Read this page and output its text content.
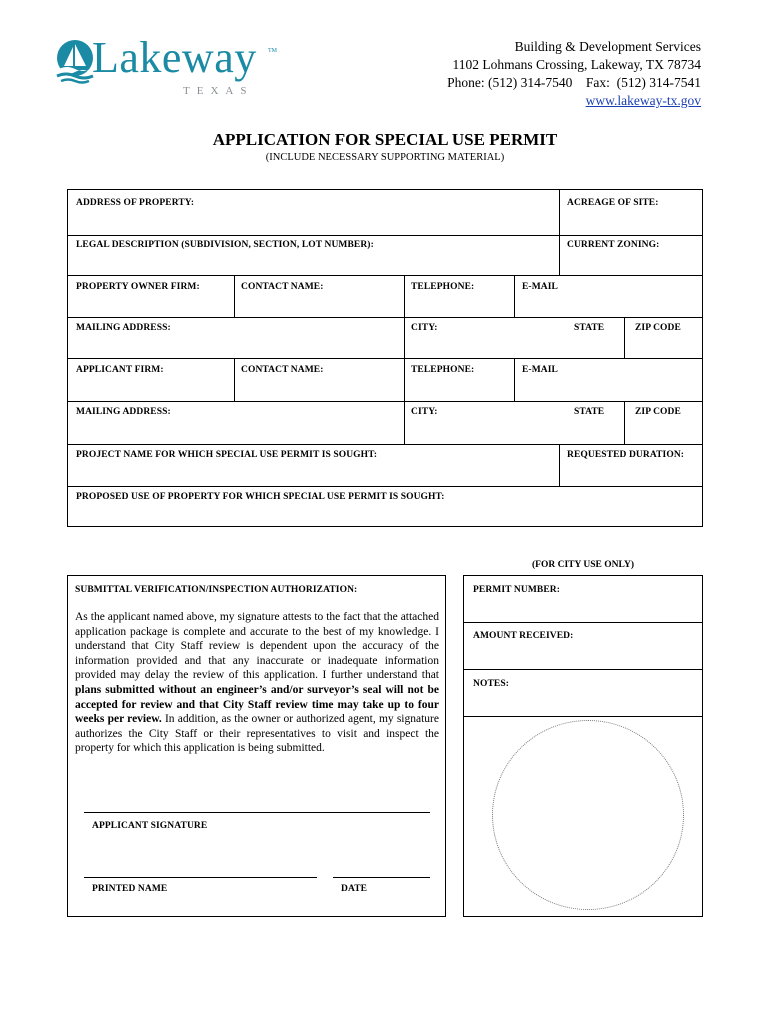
Lakeway TM
TEXAS
Building & Development Services
1102 Lohmans Crossing, Lakeway, TX 78734
Phone: (512) 314-7540    Fax:  (512) 314-7541
www.lakeway-tx.gov
APPLICATION FOR SPECIAL USE PERMIT
(INCLUDE NECESSARY SUPPORTING MATERIAL)
ADDRESS OF PROPERTY:	ACREAGE OF SITE:
LEGAL DESCRIPTION (SUBDIVISION, SECTION, LOT NUMBER):	CURRENT ZONING:
PROPERTY OWNER FIRM:	CONTACT NAME:	TELEPHONE:	E-MAIL
MAILING ADDRESS:	CITY:	STATE	ZIP CODE
APPLICANT FIRM:	CONTACT NAME:	TELEPHONE:	E-MAIL
MAILING ADDRESS:	CITY:	STATE	ZIP CODE
PROJECT NAME FOR WHICH SPECIAL USE PERMIT IS SOUGHT:	REQUESTED DURATION:
PROPOSED USE OF PROPERTY FOR WHICH SPECIAL USE PERMIT IS SOUGHT:
(FOR CITY USE ONLY)
SUBMITTAL VERIFICATION/INSPECTION AUTHORIZATION:
As the applicant named above, my signature attests to the fact that the attached application package is complete and accurate to the best of my knowledge. I understand that City Staff review is dependent upon the accuracy of the information provided and that any inaccurate or inadequate information provided may delay the review of this application. I further understand that plans submitted without an engineer’s and/or surveyor’s seal will not be accepted for review and that City Staff review time may take up to four weeks per review. In addition, as the owner or authorized agent, my signature authorizes the City Staff or their representatives to visit and inspect the property for which this application is being submitted.
APPLICANT SIGNATURE
PRINTED NAME	DATE
PERMIT NUMBER:
AMOUNT RECEIVED:
NOTES:
